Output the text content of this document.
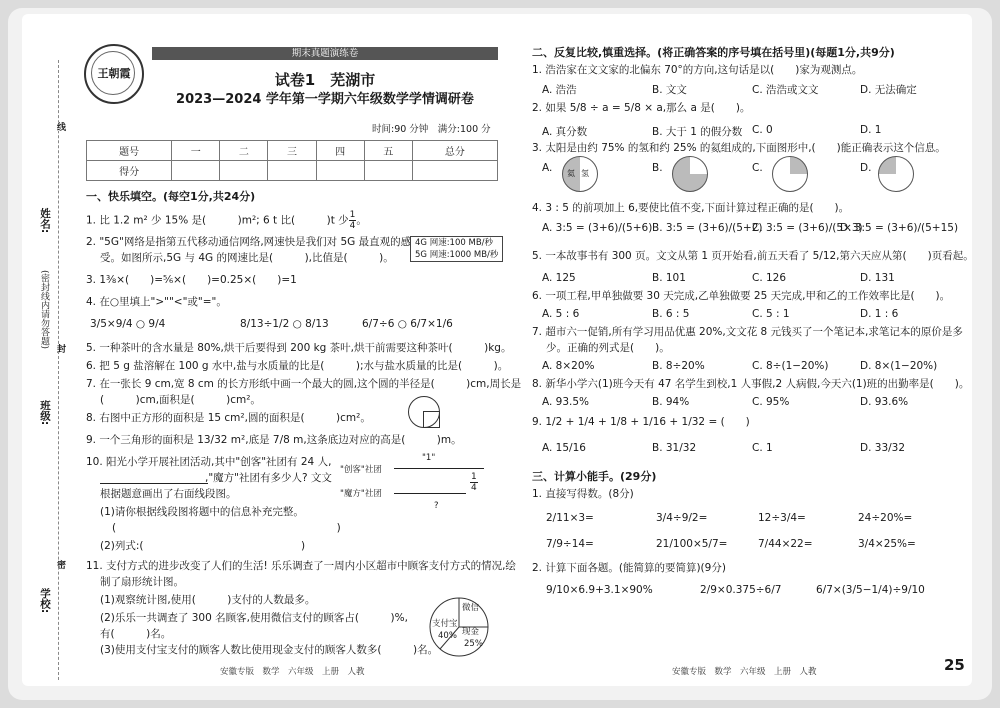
姓名:
(密封线内请勿答题)
班级:
学校:
线
封
密
王朝霞
期末真题演练卷
试卷1　芜湖市
2023—2024 学年第一学期六年级数学学情调研卷
时间:90 分钟　满分:100 分
题号	一	二	三	四	五	总分
得分						
一、快乐填空。(每空1分,共24分)
1. 比 1.2 m² 少 15% 是(　　　)m²; 6 t 比(　　　)t 少 $\frac{1}{4}$ 。
2. "5G"网络是指第五代移动通信网络,网速快是我们对 5G 最直观的感
受。如图所示,5G 与 4G 的网速比是(　　　),比值是(　　　)。
4G 网速:100 MB/秒
5G 网速:1000 MB/秒
3. 1⅜×(　　)=⅚×(　　)=0.25×(　　)=1
4. 在○里填上">""<"或"="。
3/5×9/4 ○ 9/4	8/13÷1/2 ○ 8/13	6/7÷6 ○ 6/7×1/6
5. 一种茶叶的含水量是 80%,烘干后要得到 200 kg 茶叶,烘干前需要这种茶叶(　　　)kg。
6. 把 5 g 盐溶解在 100 g 水中,盐与水质量的比是(　　　);水与盐水质量的比是(　　　)。
7. 在一张长 9 cm,宽 8 cm 的长方形纸中画一个最大的圆,这个圆的半径是(　　　)cm,周长是
(　　　)cm,面积是(　　　)cm²。
8. 右图中正方形的面积是 15 cm²,圆的面积是(　　　)cm²。
9. 一个三角形的面积是 13/32 m²,底是 7/8 m,这条底边对应的高是(　　　)m。
10. 阳光小学开展社团活动,其中"创客"社团有 24 人,
　　　　　　　　　　,"魔方"社团有多少人? 文文
根据题意画出了右面线段图。
(1)请你根据线段图将题中的信息补充完整。
(　　　　　　　　　　　　　　　　　　　　　)
(2)列式:(　　　　　　　　　　　　　　　)
"创客"社团
"魔方"社团
"1"
$\frac{1}{4}$
?
11. 支付方式的进步改变了人们的生活! 乐乐调查了一周内小区超市中顾客支付方式的情况,绘
制了扇形统计图。
(1)观察统计图,使用(　　　)支付的人数最多。
(2)乐乐一共调查了 300 名顾客,使用微信支付的顾客占(　　　)%,
有(　　　)名。
(3)使用支付宝支付的顾客人数比使用现金支付的顾客人数多(　　　)名。
微信
支付宝
40% 现金
25%
安徽专版　数学　六年级　上册　人教
二、反复比较,慎重选择。(将正确答案的序号填在括号里)(每题1分,共9分)
1. 浩浩家在文文家的北偏东 70°的方向,这句话是以(　　)家为观测点。
A. 浩浩	B. 文文	C. 浩浩或文文	D. 无法确定
2. 如果 5/8 ÷ a = 5/8 × a,那么 a 是(　　)。
A. 真分数	B. 大于 1 的假分数 C. 0	D. 1
3. 太阳是由约 75% 的氢和约 25% 的氦组成的,下面图形中,(　　)能正确表示这个信息。
A.	B.	C.	D.
氦 氢
4. 3 : 5 的前项加上 6,要使比值不变,下面计算过程正确的是(　　)。
A. 3:5 = (3+6)/(5+6) B. 3:5 = (3+6)/(5+2)
C. 3:5 = (3+6)/(5×3)
D. 3:5 = (3+6)/(5+15)
5. 一本故事书有 300 页。文文从第 1 页开始看,前五天看了 5/12,第六天应从第(　　)页看起。
A. 125	B. 101	C. 126	D. 131
6. 一项工程,甲单独做要 30 天完成,乙单独做要 25 天完成,甲和乙的工作效率比是(　　)。
A. 5 : 6	B. 6 : 5	C. 5 : 1	D. 1 : 6
7. 超市六一促销,所有学习用品优惠 20%,文文花 8 元钱买了一个笔记本,求笔记本的原价是多
少。正确的列式是(　　)。
A. 8×20%	B. 8÷20%	C. 8÷(1−20%)	D. 8×(1−20%)
8. 新华小学六(1)班今天有 47 名学生到校,1 人事假,2 人病假,今天六(1)班的出勤率是(　　)。
A. 93.5%	B. 94%	C. 95%	D. 93.6%
9. 1/2 + 1/4 + 1/8 + 1/16 + 1/32 = (　　)
A. 15/16	B. 31/32	C. 1	D. 33/32
三、计算小能手。(29分)
1. 直接写得数。(8分)
2/11×3=	3/4÷9/2=	12÷3/4=	24÷20%=
7/9÷14=	21/100×5/7=	7/44×22=	3/4×25%=
2. 计算下面各题。(能简算的要简算)(9分)
9/10×6.9+3.1×90%	2/9×0.375÷6/7	6/7×(3/5−1/4)÷9/10
安徽专版　数学　六年级　上册　人教	25
